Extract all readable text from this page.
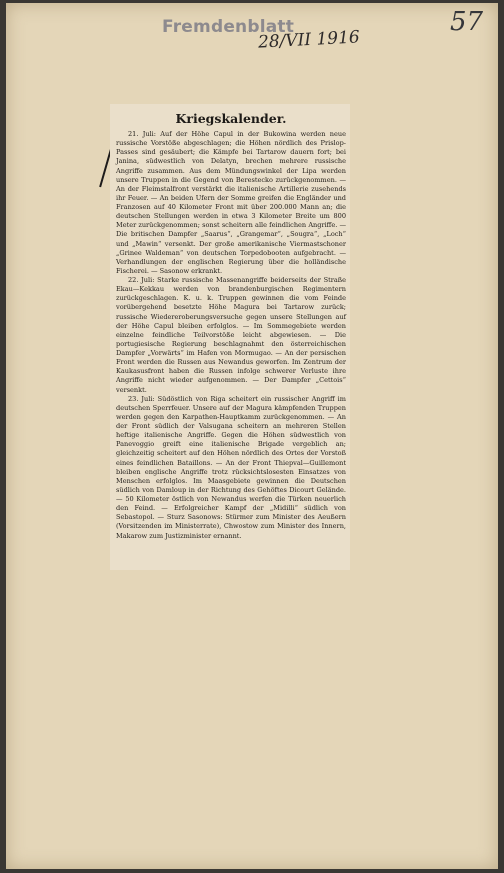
Fremdenblatt
28/VII 1916
57
Kriegskalender.

21. Juli: Auf der Höhe Capul in der Bukowina werden neue russische Vorstöße abgeschlagen; die Höhen nördlich des Prislop-Passes sind gesäubert; die Kämpfe bei Tartarow dauern fort; bei Janina, südwestlich von Delatyn, brechen mehrere russische Angriffe zusammen. Aus dem Mündungswinkel der Lipa werden unsere Truppen in die Gegend von Berestecko zurückgenommen. — An der Fleimstalfront verstärkt die italienische Artillerie zusehends ihr Feuer. — An beiden Ufern der Somme greifen die Engländer und Franzosen auf 40 Kilometer Front mit über 200.000 Mann an; die deutschen Stellungen werden in etwa 3 Kilometer Breite um 800 Meter zurückgenommen; sonst scheitern alle feindlichen Angriffe. — Die britischen Dampfer „Saarus“, „Grangemar“, „Sougra“, „Loch“ und „Mawin“ versenkt. Der große amerikanische Viermastschoner „Grinee Waldeman“ von deutschen Torpedobooten aufgebracht. — Verhandlungen der englischen Regierung über die holländische Fischerei. — Sasonow erkrankt.

22. Juli: Starke russische Massenangriffe beiderseits der Straße Ekau—Kekkau werden von brandenburgischen Regimentern zurückgeschlagen. K. u. k. Truppen gewinnen die vom Feinde vorübergehend besetzte Höhe Magura bei Tartarow zurück; russische Wiedereroberungsversuche gegen unsere Stellungen auf der Höhe Capul bleiben erfolglos. — Im Sommegebiete werden einzelne feindliche Teilvorstöße leicht abgewiesen. — Die portugiesische Regierung beschlagnahmt den österreichischen Dampfer „Vorwärts“ im Hafen von Mormugao. — An der persischen Front werden die Russen aus Newandus geworfen. Im Zentrum der Kaukasusfront haben die Russen infolge schwerer Verluste ihre Angriffe nicht wieder aufgenommen. — Der Dampfer „Cettois“ versenkt.

23. Juli: Südöstlich von Riga scheitert ein russischer Angriff im deutschen Sperrfeuer. Unsere auf der Magura kämpfenden Truppen werden gegen den Karpathen-Hauptkamm zurückgenommen. — An der Front südlich der Valsugana scheitern an mehreren Stellen heftige italienische Angriffe. Gegen die Höhen südwestlich von Panevoggio greift eine italienische Brigade vergeblich an; gleichzeitig scheitert auf den Höhen nördlich des Ortes der Vorstoß eines feindlichen Bataillons. — An der Front Thiepval—Guillemont bleiben englische Angriffe trotz rücksichtslosesten Einsatzes von Menschen erfolglos. Im Maasgebiete gewinnen die Deutschen südlich von Damloup in der Richtung des Gehöftes Dicourt Gelände. — 50 Kilometer östlich von Newandus werfen die Türken neuerlich den Feind. — Erfolgreicher Kampf der „Midilli“ südlich von Sebastopol. — Sturz Sasonows: Stürmer zum Minister des Aeußern (Vorsitzenden im Ministerrate), Chwostow zum Minister des Innern, Makarow zum Justizminister ernannt.
